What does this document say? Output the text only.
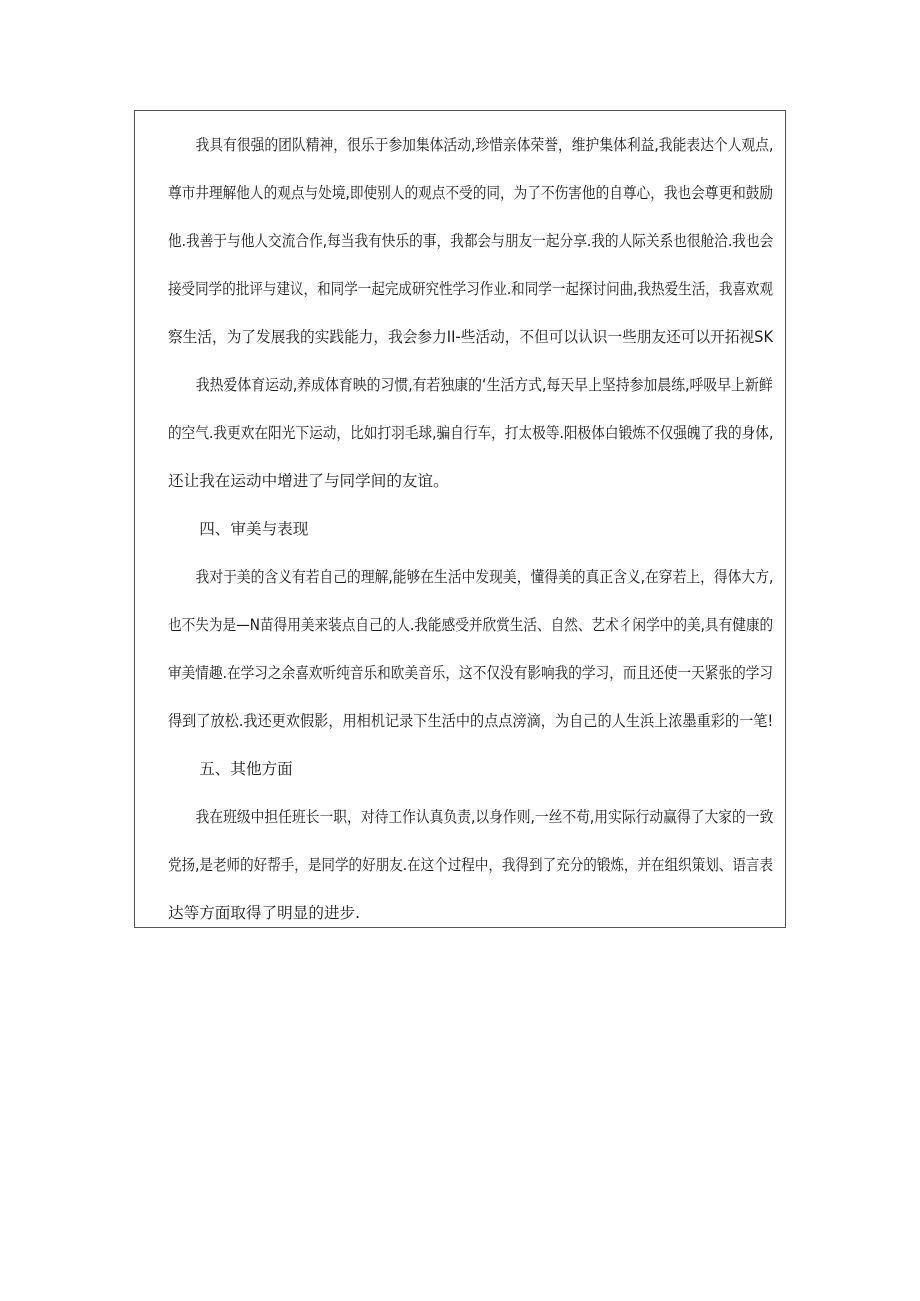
　　我具有很强的团队精神，很乐于参加集体活动,珍惜亲体荣誉，维护集体利益,我能表达个人观点,
尊市井理解他人的观点与处境,即使别人的观点不受的同，为了不伤害他的自尊心，我也会尊更和鼓励
他.我善于与他人交流合作,每当我有快乐的事，我都会与朋友一起分享.我的人际关系也很舱洽.我也会
接受同学的批评与建议，和同学一起完成研究性学习作业.和同学一起探讨问曲,我热爱生活，我喜欢观
察生活，为了发展我的实践能力，我会参力II-些活动，不但可以认识一些朋友还可以开拓视SK
　　我热爱体育运动,养成体育映的习惯,有若独康的‘生活方式,每天早上坚持参加晨练,呼吸早上新鲜
的空气.我更欢在阳光下运动，比如打羽毛球,骗自行车，打太极等.阳极体白锻炼不仅强魄了我的身体,
还让我在运动中增进了与同学间的友谊。
　　四、审美与表现
　　我对于美的含义有若自己的理解,能够在生活中发现美，懂得美的真正含义,在穿若上，得体大方,
也不失为是—N苗得用美来装点自己的人.我能感受并欣赏生活、自然、艺术彳闲学中的美,具有健康的
审美情趣.在学习之余喜欢听纯音乐和欧美音乐，这不仅没有影响我的学习，而且还使一天紧张的学习
得到了放松.我还更欢假影，用相机记录下生活中的点点滂滴，为自己的人生浜上浓墨重彩的一笔!
　　五、其他方面
　　我在班级中担任班长一职，对待工作认真负责,以身作则,一丝不苟,用实际行动赢得了大家的一致
党扬,是老师的好帮手，是同学的好朋友.在这个过程中，我得到了充分的锻炼，并在组织策划、语言表
达等方面取得了明显的进步.
